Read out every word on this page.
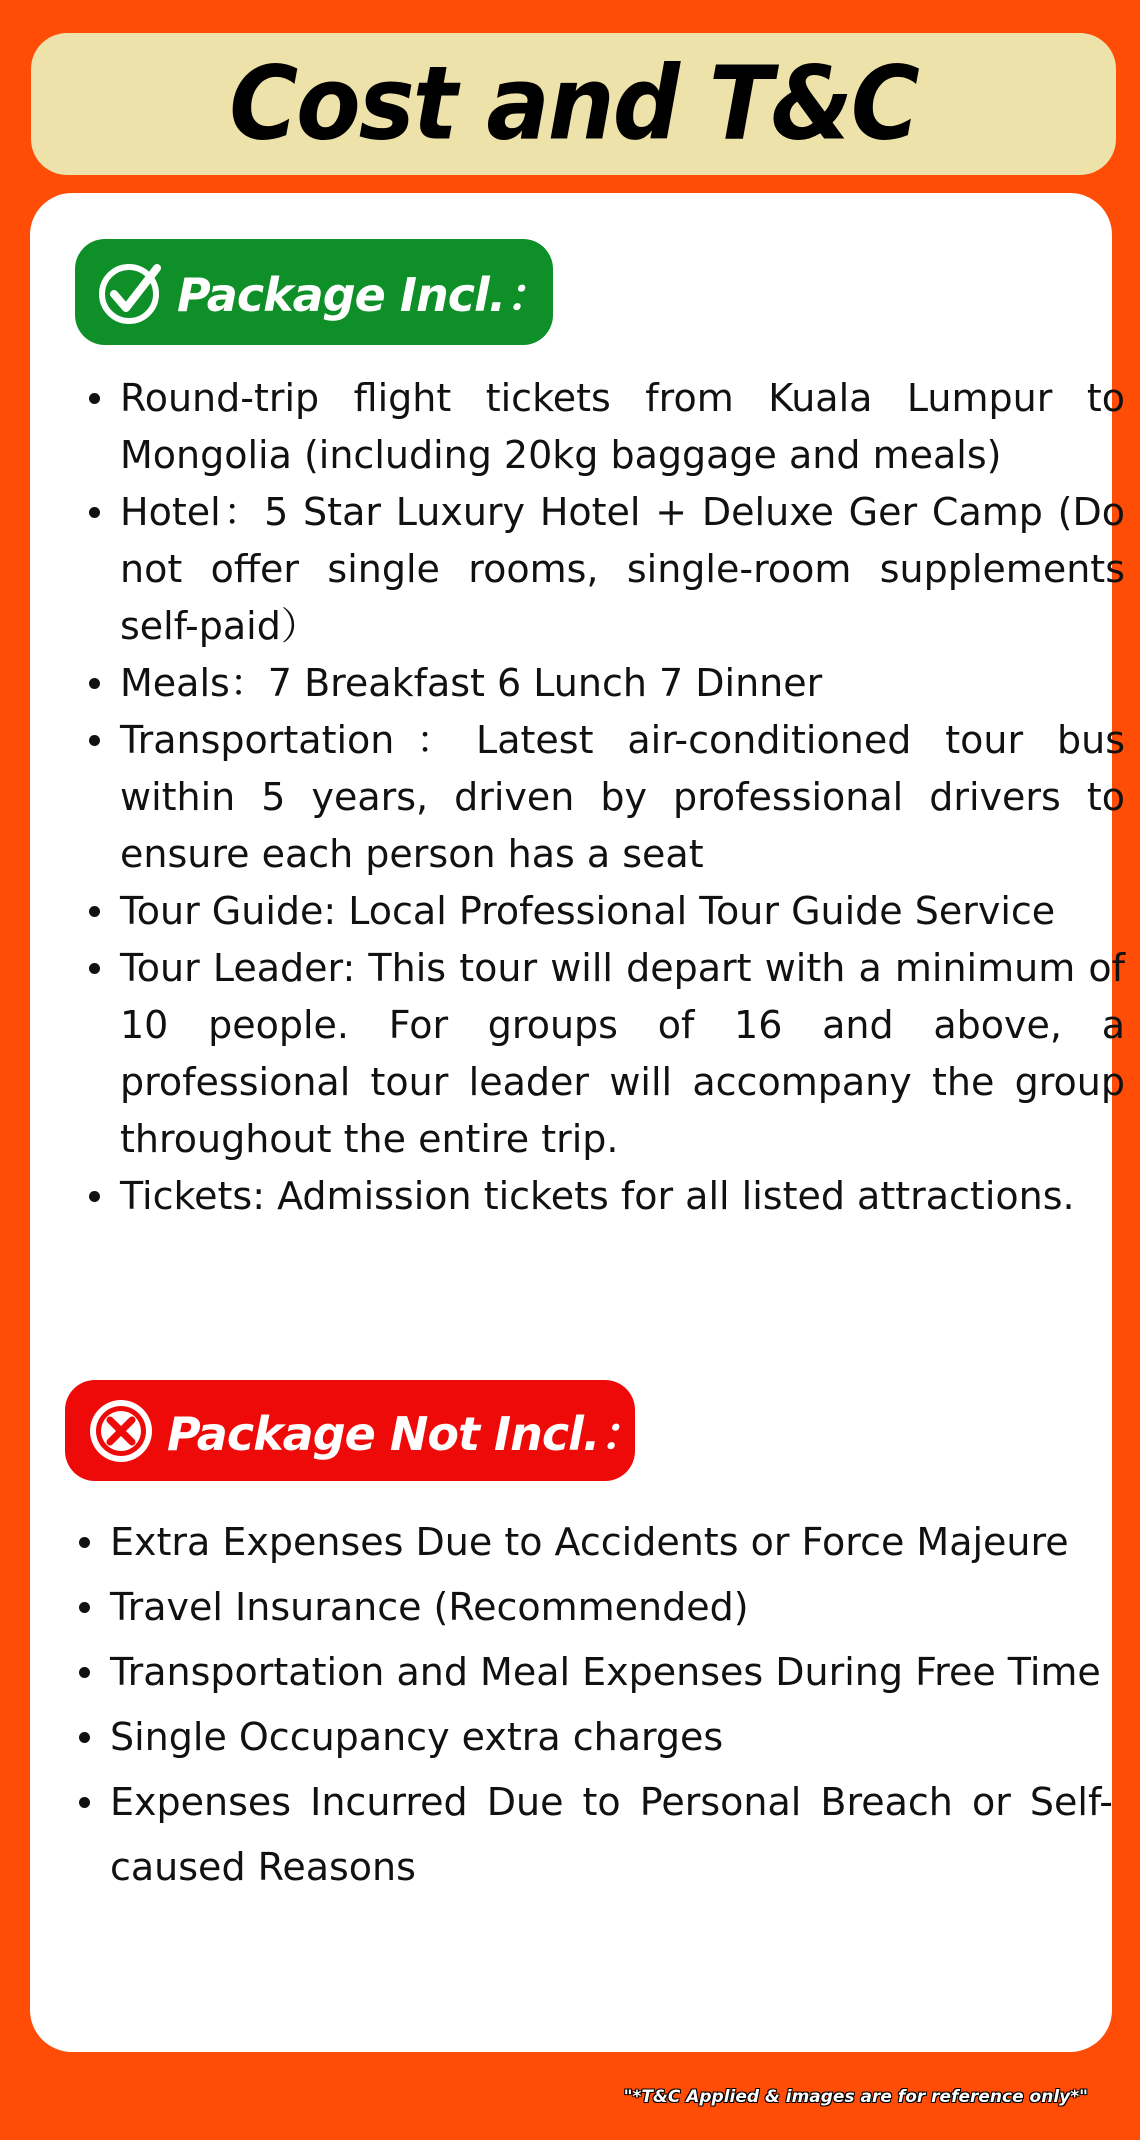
Cost and T&C
Package Incl.：
Round-trip flight tickets from Kuala Lumpur to Mongolia (including 20kg baggage and meals)
Hotel：5 Star Luxury Hotel + Deluxe Ger Camp (Do not offer single rooms, single-room supplements self-paid）
Meals：7 Breakfast 6 Lunch 7 Dinner
Transportation：Latest air-conditioned tour bus within 5 years, driven by professional drivers to ensure each person has a seat
Tour Guide: Local Professional Tour Guide Service
Tour Leader: This tour will depart with a minimum of 10 people. For groups of 16 and above, a professional tour leader will accompany the group throughout the entire trip.
Tickets: Admission tickets for all listed attractions.
Package Not Incl.：
Extra Expenses Due to Accidents or Force Majeure
Travel Insurance (Recommended)
Transportation and Meal Expenses During Free Time
Single Occupancy extra charges
Expenses Incurred Due to Personal Breach or Self-caused Reasons
"*T&C Applied & images are for reference only*"
